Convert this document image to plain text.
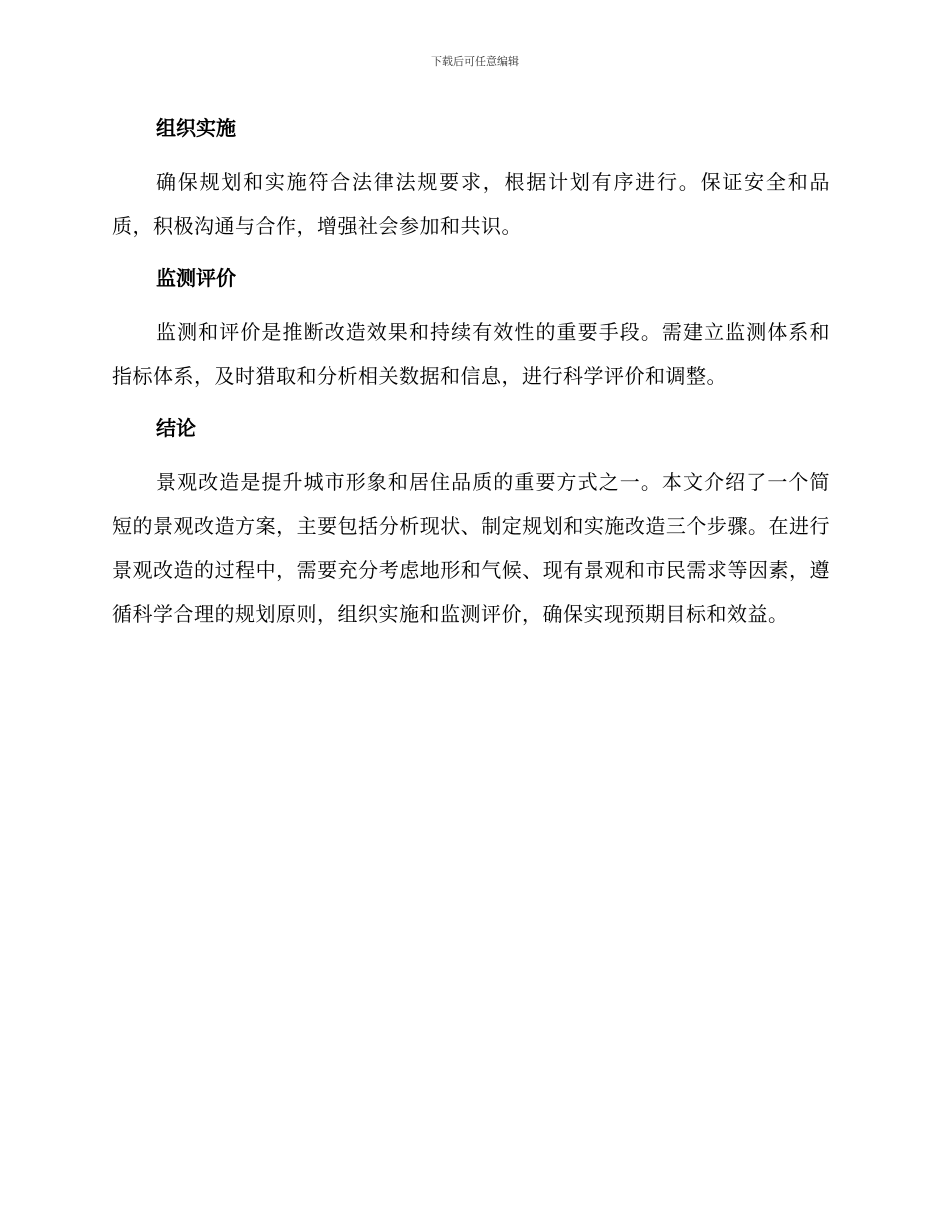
下载后可任意编辑
组织实施

确保规划和实施符合法律法规要求，根据计划有序进行。保证安全和品质，积极沟通与合作，增强社会参加和共识。

监测评价

监测和评价是推断改造效果和持续有效性的重要手段。需建立监测体系和指标体系，及时猎取和分析相关数据和信息，进行科学评价和调整。

结论

景观改造是提升城市形象和居住品质的重要方式之一。本文介绍了一个简短的景观改造方案，主要包括分析现状、制定规划和实施改造三个步骤。在进行景观改造的过程中，需要充分考虑地形和气候、现有景观和市民需求等因素，遵循科学合理的规划原则，组织实施和监测评价，确保实现预期目标和效益。
